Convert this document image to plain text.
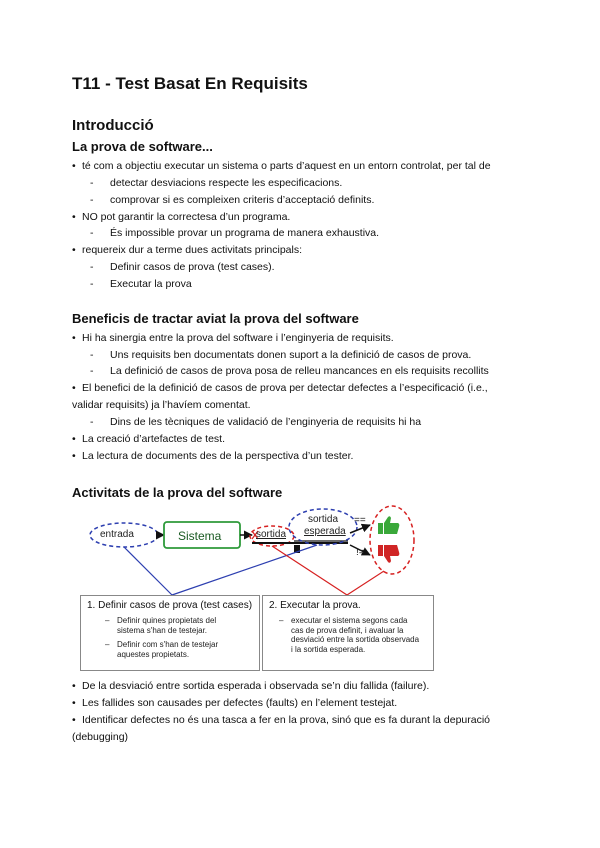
T11 - Test Basat En Requisits
Introducció
La prova de software...
• té com a objectiu executar un sistema o parts d’aquest en un entorn controlat, per tal de
- detectar desviacions respecte les especificacions.
- comprovar si es compleixen criteris d’acceptació definits.
• NO pot garantir la correctesa d’un programa.
- És impossible provar un programa de manera exhaustiva.
• requereix dur a terme dues activitats principals:
- Definir casos de prova (test cases).
- Executar la prova
Beneficis de tractar aviat la prova del software
• Hi ha sinergia entre la prova del software i l’enginyeria de requisits.
- Uns requisits ben documentats donen suport a la definició de casos de prova.
- La definició de casos de prova posa de relleu mancances en els requisits recollits
• El benefici de la definició de casos de prova per detectar defectes a l’especificació (i.e.,
validar requisits) ja l’havíem comentat.
- Dins de les tècniques de validació de l’enginyeria de requisits hi ha
• La creació d’artefactes de test.
• La lectura de documents des de la perspectiva d’un tester.
Activitats de la prova del software
entrada	Sistema	sortida
sortida
esperada
==
!=
1. Definir casos de prova (test cases)
– Definir quines propietats del sistema s'han de testejar.
– Definir com s'han de testejar aquestes propietats.
2. Executar la prova.
– executar el sistema segons cada cas de prova definit, i avaluar la desviació entre la sortida observada i la sortida esperada.
• De la desviació entre sortida esperada i observada se’n diu fallida (failure).
• Les fallides son causades per defectes (faults) en l’element testejat.
• Identificar defectes no és una tasca a fer en la prova, sinó que es fa durant la depuració
(debugging)
